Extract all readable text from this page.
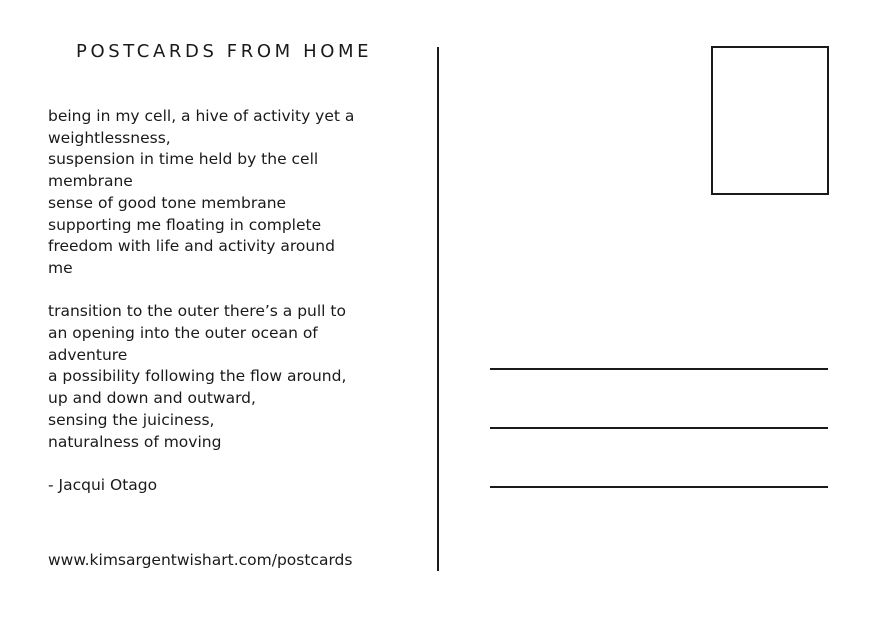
POSTCARDS FROM HOME
being in my cell, a hive of activity yet a
weightlessness,
suspension in time held by the cell
membrane
sense of good tone membrane
supporting me floating in complete
freedom with life and activity around
me
transition to the outer there’s a pull to
an opening into the outer ocean of
adventure
a possibility following the flow around,
up and down and outward,
sensing the juiciness,
naturalness of moving
- Jacqui Otago
www.kimsargentwishart.com/postcards
